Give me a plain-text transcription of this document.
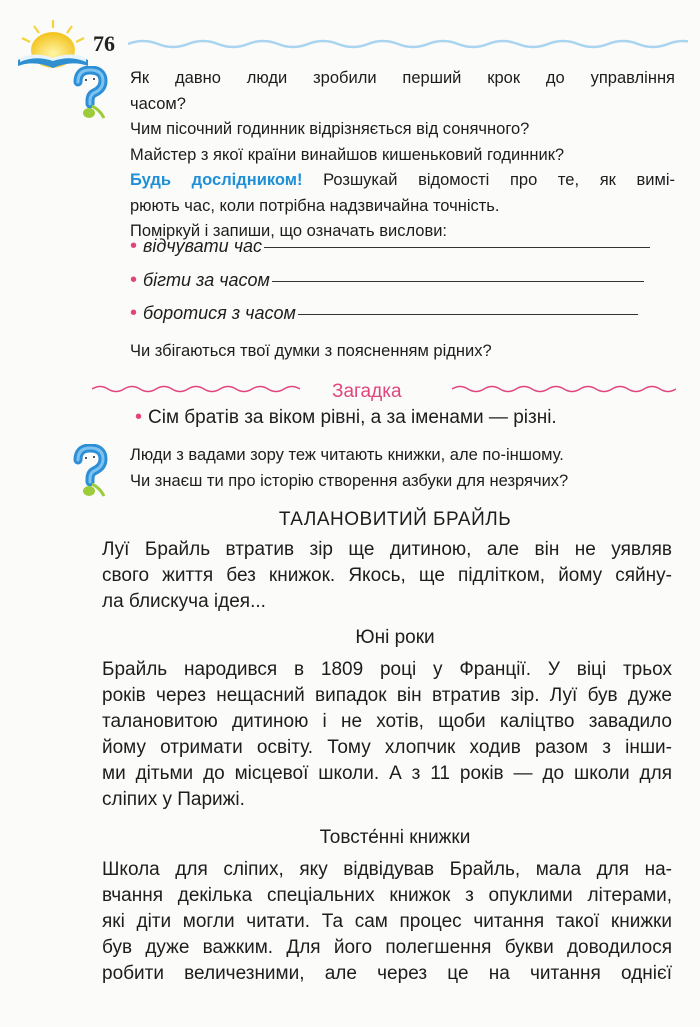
76
Як давно люди зробили перший крок до управління
часом?
Чим пісочний годинник відрізняється від сонячного?
Майстер з якої країни винайшов кишеньковий годинник?
Будь дослідником! Розшукай відомості про те, як вимі-
рюють час, коли потрібна надзвичайна точність.
Поміркуй і запиши, що означать вислови:
• відчувати час
• бігти за часом
• боротися з часом
Чи збігаються твої думки з поясненням рідних?
Загадка
• Сім братів за віком рівні, а за іменами — різні.
Люди з вадами зору теж читають книжки, але по-іншому.
Чи знаєш ти про історію створення азбуки для незрячих?
ТАЛАНОВИТИЙ БРАЙЛЬ
Луї Брайль втратив зір ще дитиною, але він не уявляв
свого життя без книжок. Якось, ще підлітком, йому сяйну-
ла блискуча ідея...
Юні роки
Брайль народився в 1809 році у Франції. У віці трьох
років через нещасний випадок він втратив зір. Луї був дуже
талановитою дитиною і не хотів, щоби каліцтво завадило
йому отримати освіту. Тому хлопчик ходив разом з інши-
ми дітьми до місцевої школи. А з 11 років — до школи для
сліпих у Парижі.
Товсте́нні книжки
Школа для сліпих, яку відвідував Брайль, мала для на-
вчання декілька спеціальних книжок з опуклими літерами,
які діти могли читати. Та сам процес читання такої книжки
був дуже важким. Для його полегшення букви доводилося
робити величезними, але через це на читання однієї
